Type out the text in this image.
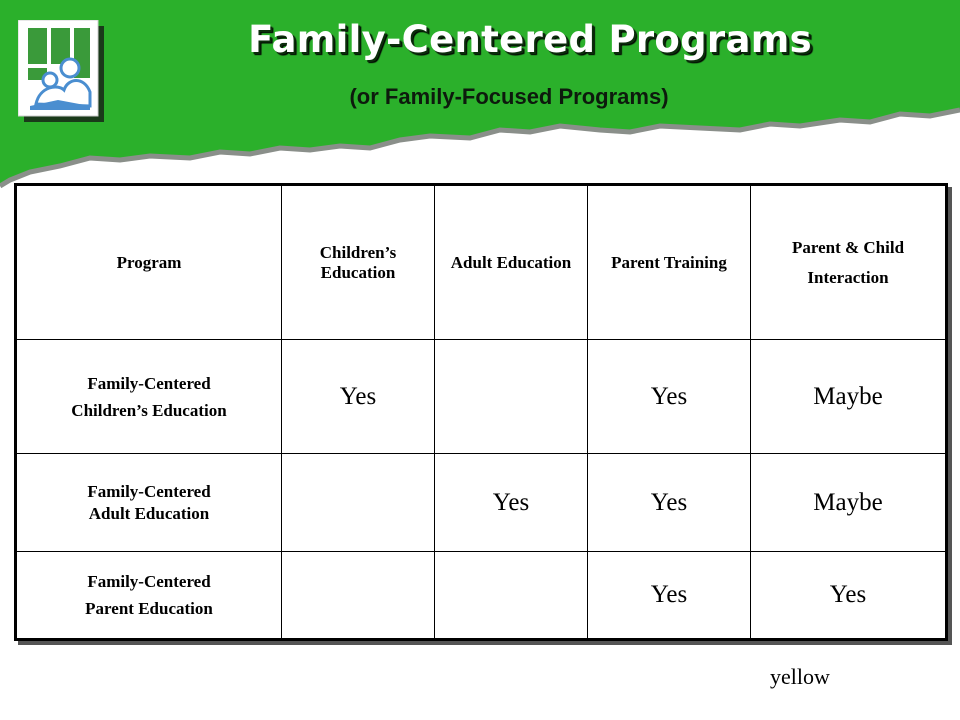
Family-Centered Programs

(or Family-Focused Programs)

Program	Children’s Education	Adult Education	Parent Training	Parent & Child Interaction

Family-Centered
Children’s Education	Yes		Yes	Maybe

Family-Centered
Adult Education		Yes	Yes	Maybe

Family-Centered
Parent Education			Yes	Yes
yellow
